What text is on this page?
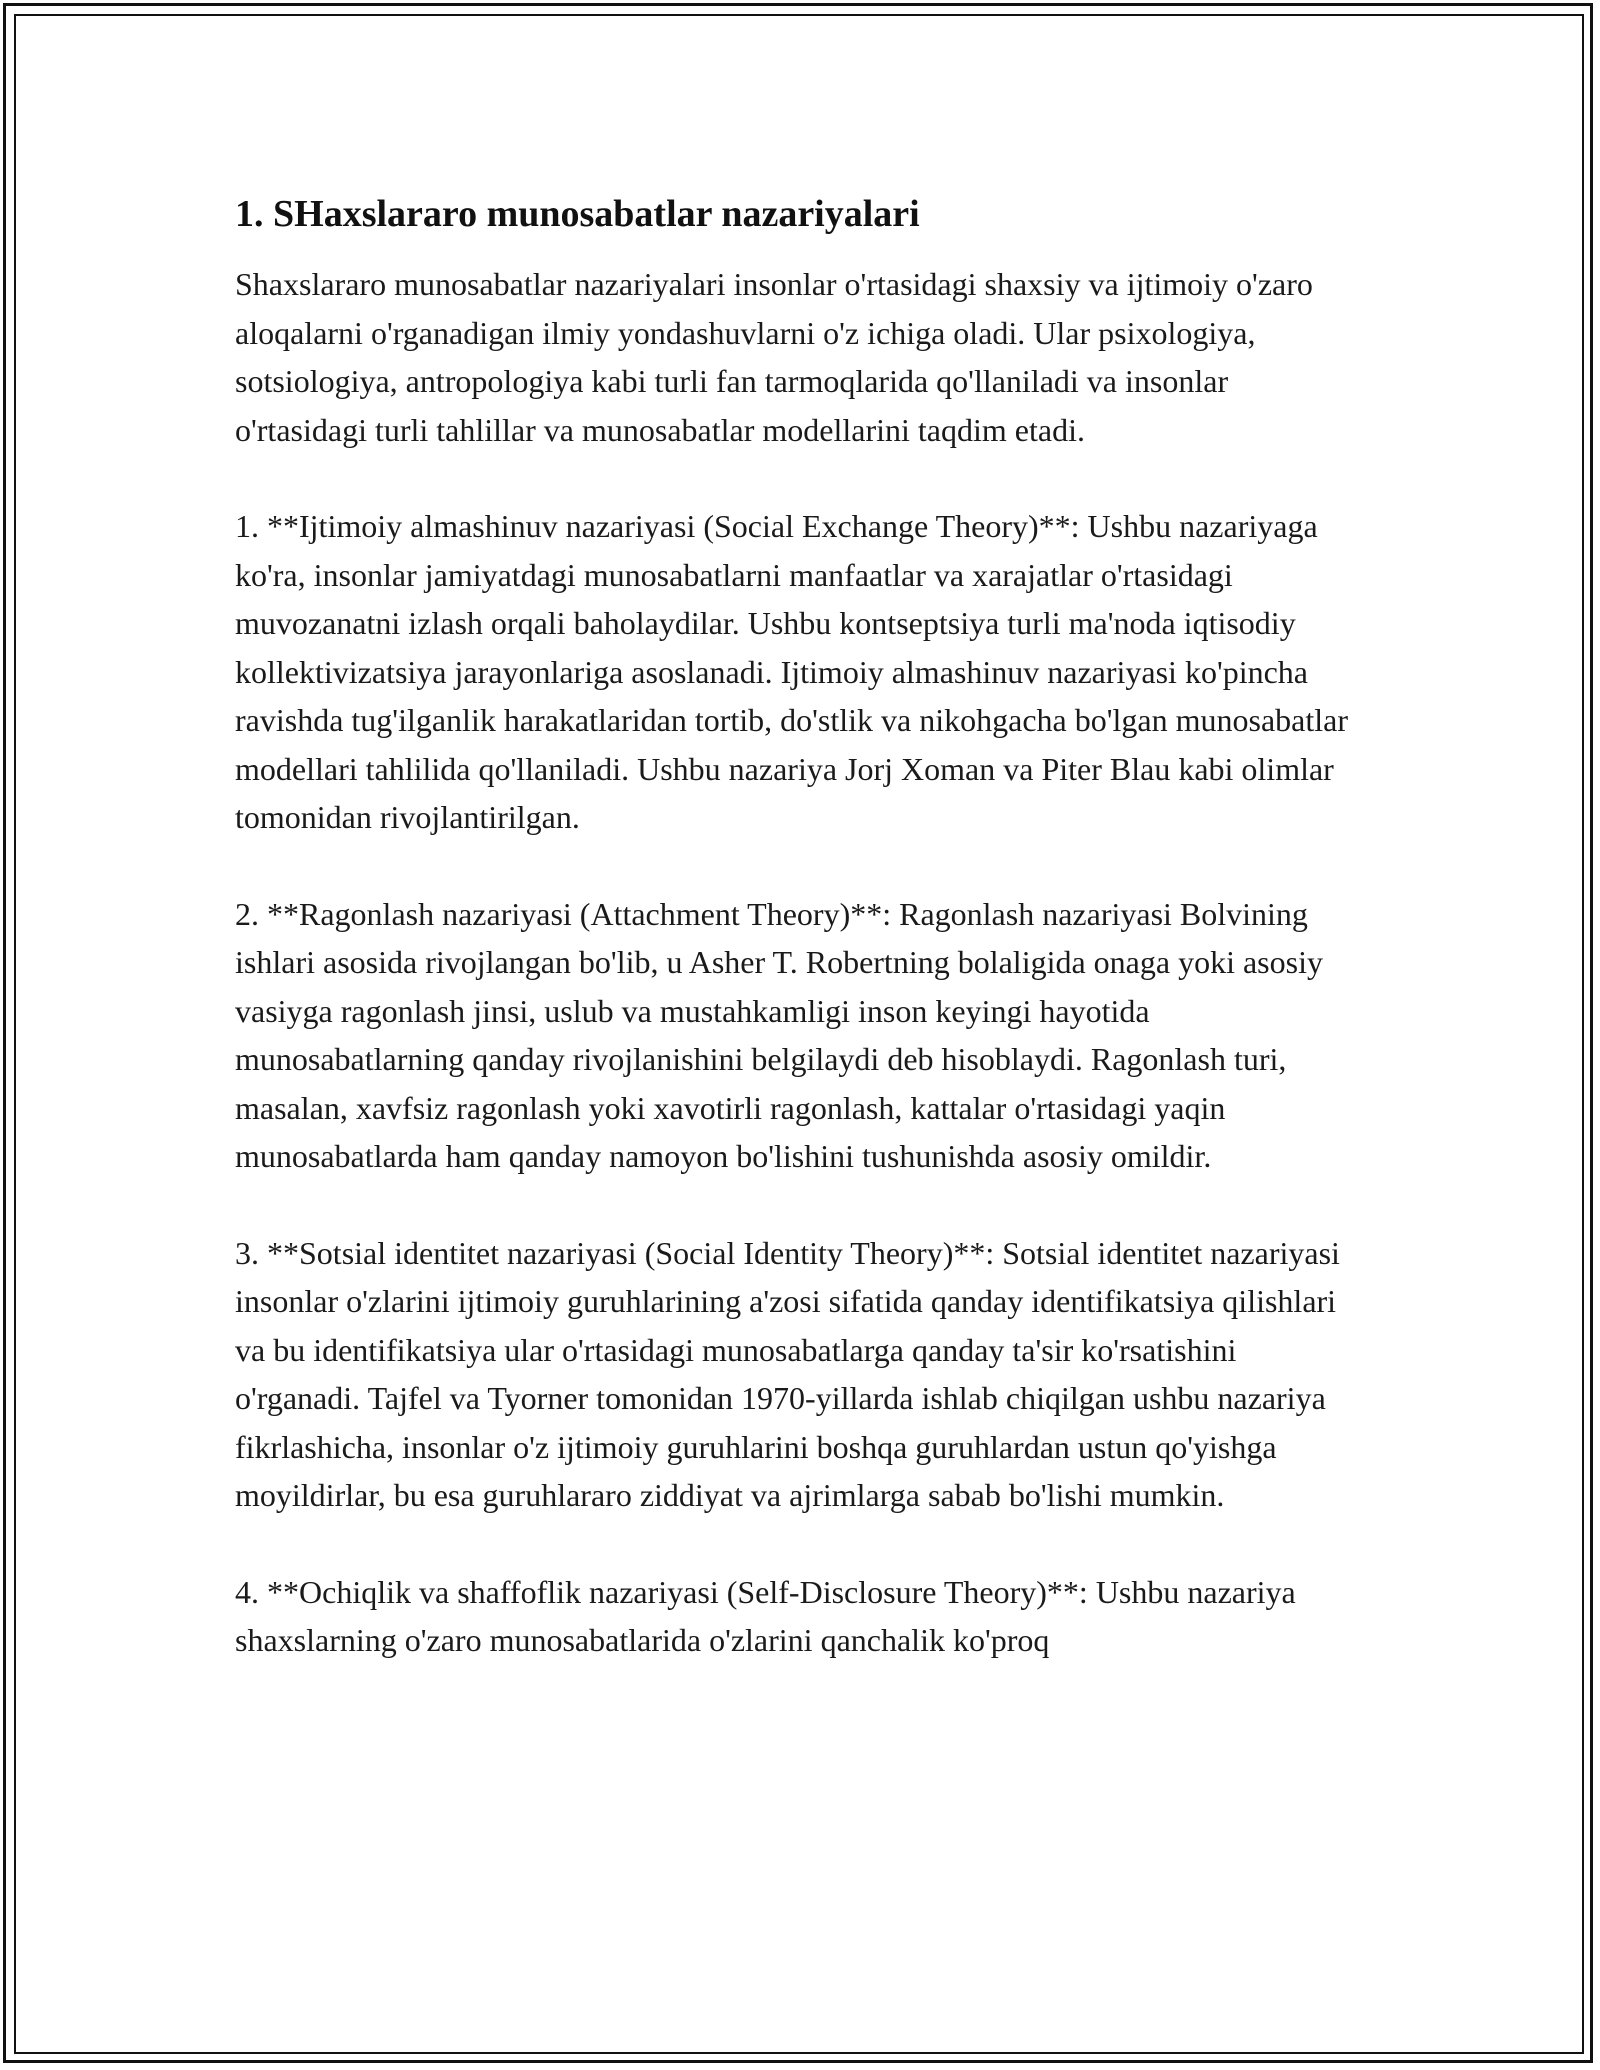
1. SHaxslararo munosabatlar nazariyalari

Shaxslararo munosabatlar nazariyalari insonlar o'rtasidagi shaxsiy va ijtimoiy o'zaro aloqalarni o'rganadigan ilmiy yondashuvlarni o'z ichiga oladi. Ular psixologiya, sotsiologiya, antropologiya kabi turli fan tarmoqlarida qo'llaniladi va insonlar o'rtasidagi turli tahlillar va munosabatlar modellarini taqdim etadi.

1. **Ijtimoiy almashinuv nazariyasi (Social Exchange Theory)**: Ushbu nazariyaga ko'ra, insonlar jamiyatdagi munosabatlarni manfaatlar va xarajatlar o'rtasidagi muvozanatni izlash orqali baholaydilar. Ushbu kontseptsiya turli ma'noda iqtisodiy kollektivizatsiya jarayonlariga asoslanadi. Ijtimoiy almashinuv nazariyasi ko'pincha ravishda tug'ilganlik harakatlaridan tortib, do'stlik va nikohgacha bo'lgan munosabatlar modellari tahlilida qo'llaniladi. Ushbu nazariya Jorj Xoman va Piter Blau kabi olimlar tomonidan rivojlantirilgan.

2. **Ragonlash nazariyasi (Attachment Theory)**: Ragonlash nazariyasi Bolvining ishlari asosida rivojlangan bo'lib, u Asher T. Robertning bolaligida onaga yoki asosiy vasiyga ragonlash jinsi, uslub va mustahkamligi inson keyingi hayotida munosabatlarning qanday rivojlanishini belgilaydi deb hisoblaydi. Ragonlash turi, masalan, xavfsiz ragonlash yoki xavotirli ragonlash, kattalar o'rtasidagi yaqin munosabatlarda ham qanday namoyon bo'lishini tushunishda asosiy omildir.

3. **Sotsial identitet nazariyasi (Social Identity Theory)**: Sotsial identitet nazariyasi insonlar o'zlarini ijtimoiy guruhlarining a'zosi sifatida qanday identifikatsiya qilishlari va bu identifikatsiya ular o'rtasidagi munosabatlarga qanday ta'sir ko'rsatishini o'rganadi. Tajfel va Tyorner tomonidan 1970-yillarda ishlab chiqilgan ushbu nazariya fikrlashicha, insonlar o'z ijtimoiy guruhlarini boshqa guruhlardan ustun qo'yishga moyildirlar, bu esa guruhlararo ziddiyat va ajrimlarga sabab bo'lishi mumkin.

4. **Ochiqlik va shaffoflik nazariyasi (Self-Disclosure Theory)**: Ushbu nazariya shaxslarning o'zaro munosabatlarida o'zlarini qanchalik ko'proq
